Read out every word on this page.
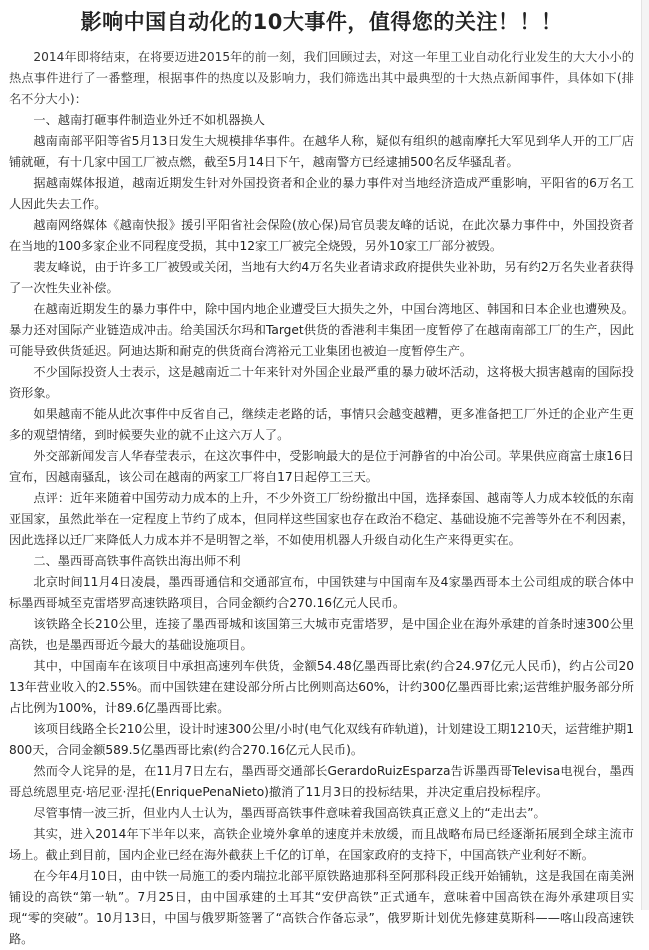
影响中国自动化的10大事件，值得您的关注！！！

2014年即将结束，在将要迈进2015年的前一刻，我们回顾过去，对这一年里工业自动化行业发生的大大小小的热点事件进行了一番整理，根据事件的热度以及影响力，我们筛选出其中最典型的十大热点新闻事件，具体如下(排名不分大小)：

一、越南打砸事件制造业外迁不如机器换人

越南南部平阳等省5月13日发生大规模排华事件。在越华人称，疑似有组织的越南摩托大军见到华人开的工厂店铺就砸，有十几家中国工厂被点燃，截至5月14日下午，越南警方已经逮捕500名反华骚乱者。

据越南媒体报道，越南近期发生针对外国投资者和企业的暴力事件对当地经济造成严重影响，平阳省的6万名工人因此失去工作。

越南网络媒体《越南快报》援引平阳省社会保险(放心保)局官员裴友峰的话说，在此次暴力事件中，外国投资者在当地的100多家企业不同程度受损，其中12家工厂被完全烧毁，另外10家工厂部分被毁。

裴友峰说，由于许多工厂被毁或关闭，当地有大约4万名失业者请求政府提供失业补助，另有约2万名失业者获得了一次性失业补偿。

在越南近期发生的暴力事件中，除中国内地企业遭受巨大损失之外，中国台湾地区、韩国和日本企业也遭殃及。暴力还对国际产业链造成冲击。给美国沃尔玛和Target供货的香港利丰集团一度暂停了在越南南部工厂的生产，因此可能导致供货延迟。阿迪达斯和耐克的供货商台湾裕元工业集团也被迫一度暂停生产。

不少国际投资人士表示，这是越南近二十年来针对外国企业最严重的暴力破坏活动，这将极大损害越南的国际投资形象。

如果越南不能从此次事件中反省自己，继续走老路的话，事情只会越变越糟，更多准备把工厂外迁的企业产生更多的观望情绪，到时候要失业的就不止这六万人了。

外交部新闻发言人华春莹表示，在这次事件中，受影响最大的是位于河静省的中冶公司。苹果供应商富士康16日宣布，因越南骚乱，该公司在越南的两家工厂将自17日起停工三天。

点评：近年来随着中国劳动力成本的上升，不少外资工厂纷纷撤出中国，选择泰国、越南等人力成本较低的东南亚国家，虽然此举在一定程度上节约了成本，但同样这些国家也存在政治不稳定、基础设施不完善等外在不利因素，因此选择以迁厂来降低人力成本并不是明智之举，不如使用机器人升级自动化生产来得更实在。

二、墨西哥高铁事件高铁出海出师不利

北京时间11月4日凌晨，墨西哥通信和交通部宣布，中国铁建与中国南车及4家墨西哥本土公司组成的联合体中标墨西哥城至克雷塔罗高速铁路项目，合同金额约合270.16亿元人民币。

该铁路全长210公里，连接了墨西哥城和该国第三大城市克雷塔罗，是中国企业在海外承建的首条时速300公里高铁，也是墨西哥近今最大的基础设施项目。

其中，中国南车在该项目中承担高速列车供货，金额54.48亿墨西哥比索(约合24.97亿元人民币)，约占公司2013年营业收入的2.55%。而中国铁建在建设部分所占比例则高达60%，计约300亿墨西哥比索;运营维护服务部分所占比例为100%，计89.6亿墨西哥比索。

该项目线路全长210公里，设计时速300公里/小时(电气化双线有砟轨道)，计划建设工期1210天，运营维护期1800天，合同金额589.5亿墨西哥比索(约合270.16亿元人民币)。

然而令人诧异的是，在11月7日左右，墨西哥交通部长GerardoRuizEsparza告诉墨西哥Televisa电视台，墨西哥总统恩里克·培尼亚·涅托(EnriquePenaNieto)撤消了11月3日的投标结果，并决定重启投标程序。

尽管事情一波三折，但业内人士认为，墨西哥高铁事件意味着我国高铁真正意义上的“走出去”。

其实，进入2014年下半年以来，高铁企业境外拿单的速度并未放缓，而且战略布局已经逐渐拓展到全球主流市场上。截止到目前，国内企业已经在海外截获上千亿的订单，在国家政府的支持下，中国高铁产业利好不断。

在今年4月10日，由中铁一局施工的委内瑞拉北部平原铁路迪那科至阿那科段正线开始铺轨，这是我国在南美洲铺设的高铁“第一轨”。7月25日，由中国承建的土耳其“安伊高铁”正式通车，意味着中国高铁在海外承建项目实现“零的突破”。10月13日，中国与俄罗斯签署了“高铁合作备忘录”，俄罗斯计划优先修建莫斯科——喀山段高速铁路。
